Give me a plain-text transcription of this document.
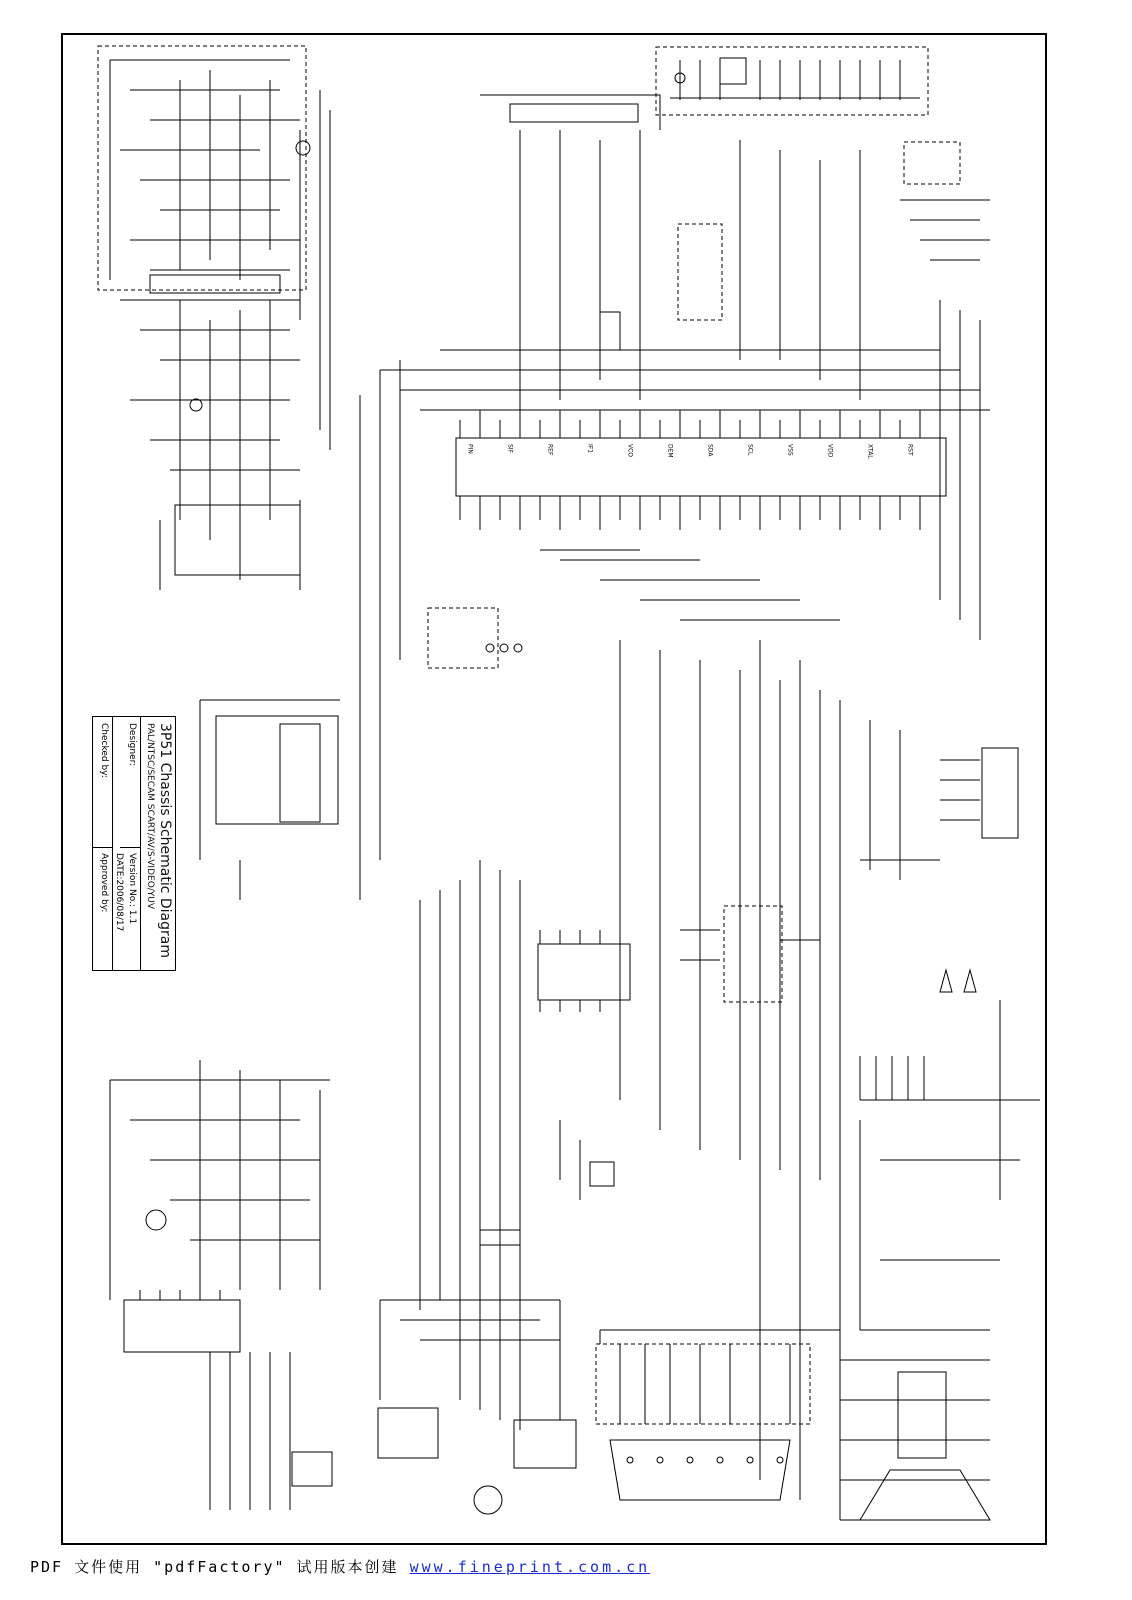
PIN	SIF	REF	IF1	VCO	DEM	SDA	SCL	VSS	VDD	XTAL	RST
3P51 Chassis Schematic Diagram
PAL/NTSC/SECAM SCART/AV/S-VIDEO/YUV
Designer:
Version No.: 1.1
DATE:2006/08/17
Checked by:
Approved by:
PDF 文件使用 "pdfFactory" 试用版本创建 www.fineprint.com.cn
